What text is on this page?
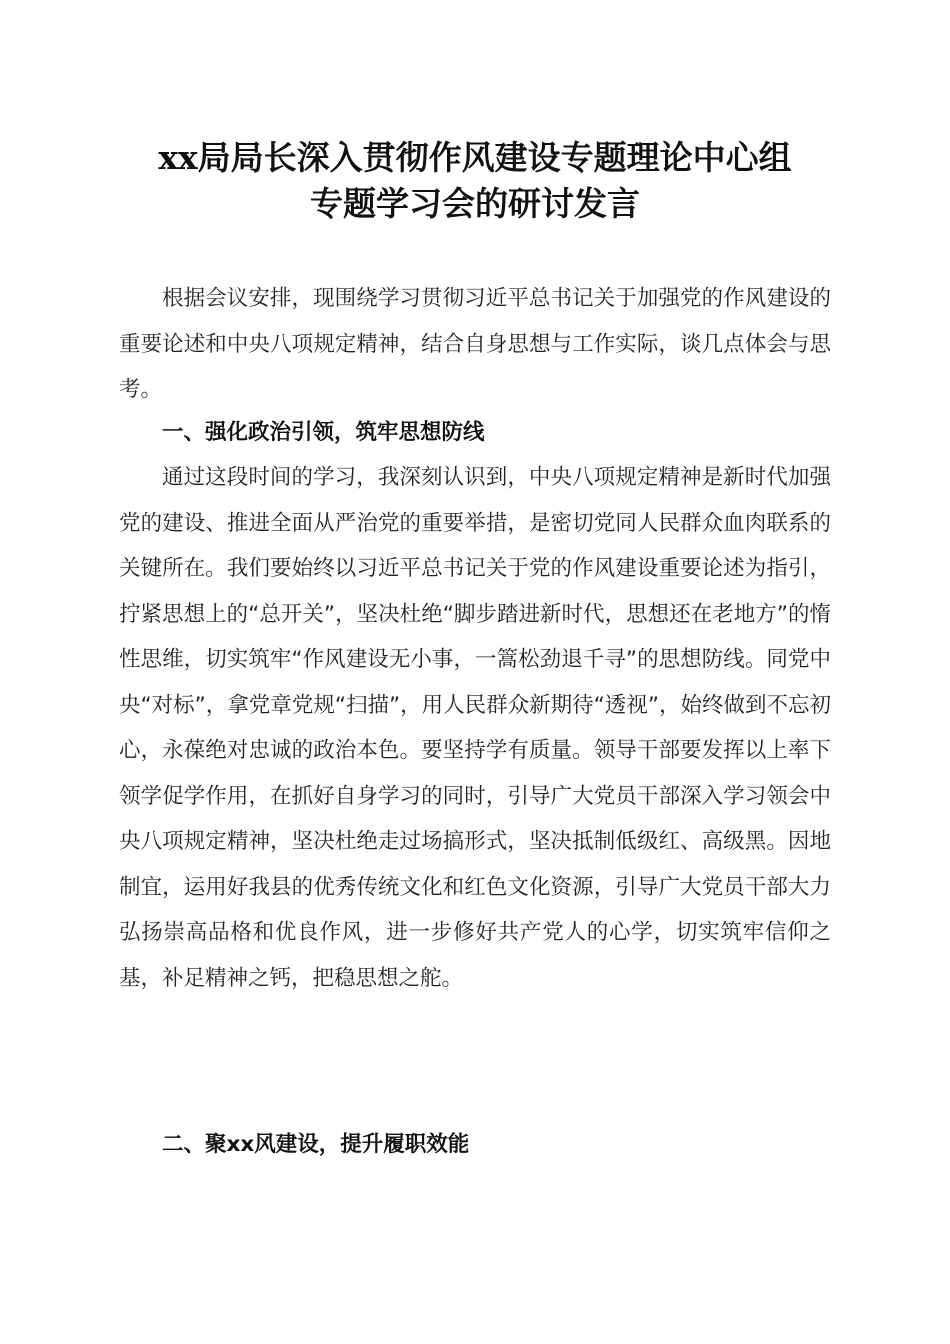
xx局局长深入贯彻作风建设专题理论中心组
专题学习会的研讨发言

根据会议安排，现围绕学习贯彻习近平总书记关于加强党的作风建设的重要论述和中央八项规定精神，结合自身思想与工作实际，谈几点体会与思考。

一、强化政治引领，筑牢思想防线

通过这段时间的学习，我深刻认识到，中央八项规定精神是新时代加强党的建设、推进全面从严治党的重要举措，是密切党同人民群众血肉联系的关键所在。我们要始终以习近平总书记关于党的作风建设重要论述为指引，拧紧思想上的“总开关”，坚决杜绝“脚步踏进新时代，思想还在老地方”的惰性思维，切实筑牢“作风建设无小事，一篙松劲退千寻”的思想防线。同党中央“对标”，拿党章党规“扫描”，用人民群众新期待“透视”，始终做到不忘初心，永葆绝对忠诚的政治本色。要坚持学有质量。领导干部要发挥以上率下领学促学作用，在抓好自身学习的同时，引导广大党员干部深入学习领会中央八项规定精神，坚决杜绝走过场搞形式，坚决抵制低级红、高级黑。因地制宜，运用好我县的优秀传统文化和红色文化资源，引导广大党员干部大力弘扬崇高品格和优良作风，进一步修好共产党人的心学，切实筑牢信仰之基，补足精神之钙，把稳思想之舵。

二、聚xx风建设，提升履职效能
